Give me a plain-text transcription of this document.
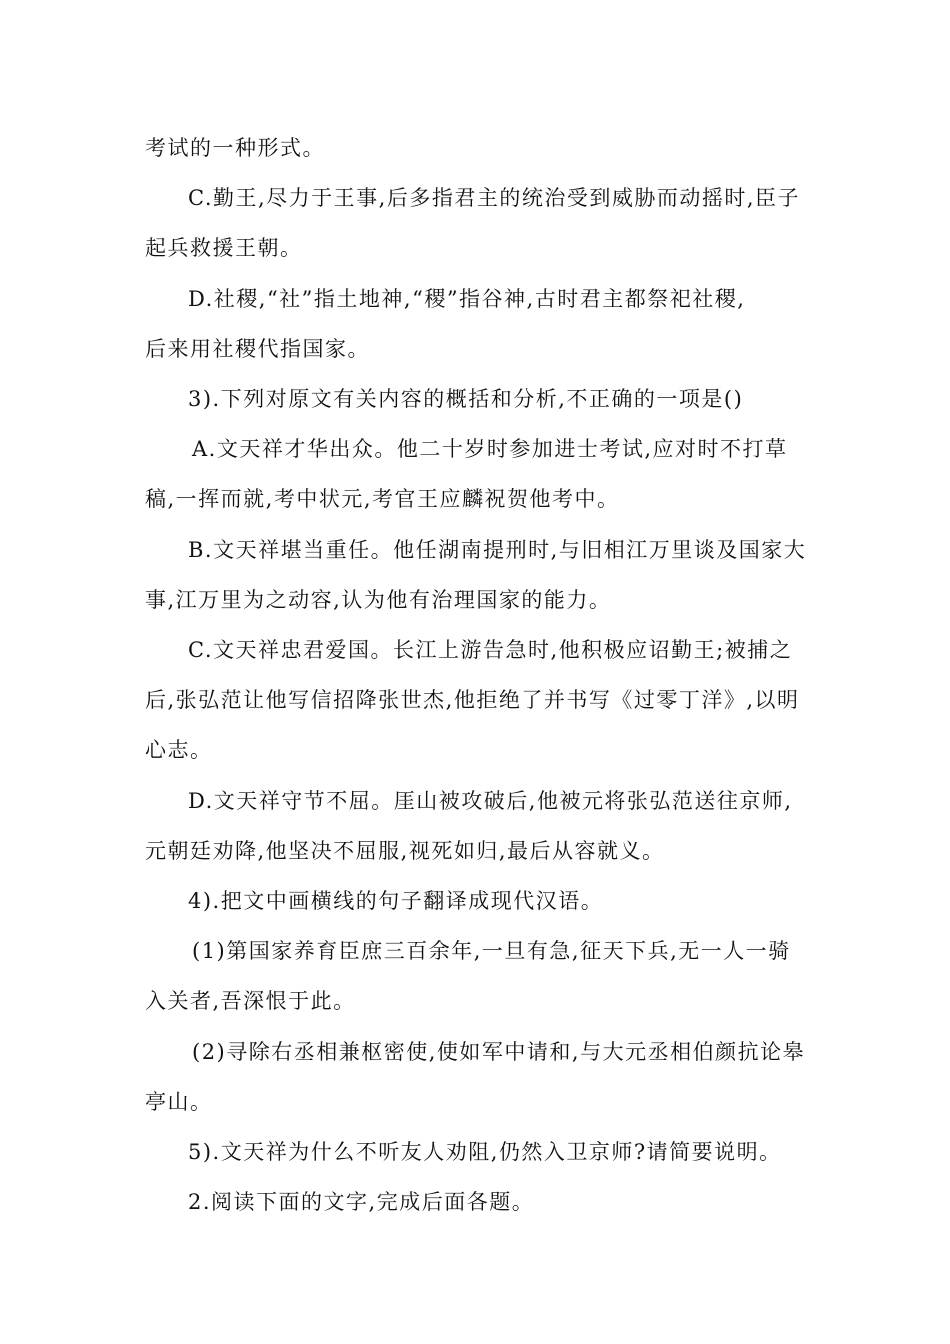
考试的一种形式。
C.勤王,尽力于王事,后多指君主的统治受到威胁而动摇时,臣子
起兵救援王朝。
D.社稷,“社”指土地神,“稷”指谷神,古时君主都祭祀社稷,
后来用社稷代指国家。
3).下列对原文有关内容的概括和分析,不正确的一项是()
A.文天祥才华出众。他二十岁时参加进士考试,应对时不打草
稿,一挥而就,考中状元,考官王应麟祝贺他考中。
B.文天祥堪当重任。他任湖南提刑时,与旧相江万里谈及国家大
事,江万里为之动容,认为他有治理国家的能力。
C.文天祥忠君爱国。长江上游告急时,他积极应诏勤王;被捕之
后,张弘范让他写信招降张世杰,他拒绝了并书写《过零丁洋》,以明
心志。
D.文天祥守节不屈。厓山被攻破后,他被元将张弘范送往京师,
元朝廷劝降,他坚决不屈服,视死如归,最后从容就义。
4).把文中画横线的句子翻译成现代汉语。
(1)第国家养育臣庶三百余年,一旦有急,征天下兵,无一人一骑
入关者,吾深恨于此。
(2)寻除右丞相兼枢密使,使如军中请和,与大元丞相伯颜抗论皋
亭山。
5).文天祥为什么不听友人劝阻,仍然入卫京师?请简要说明。
2.阅读下面的文字,完成后面各题。
